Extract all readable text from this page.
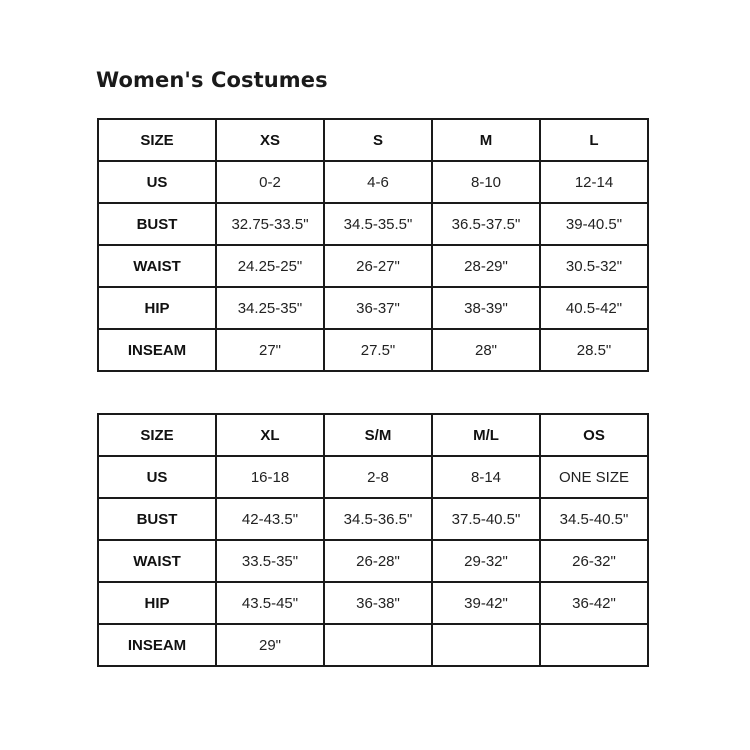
Women's Costumes
SIZE	XS	S	M	L
US	0-2	4-6	8-10	12-14
BUST	32.75-33.5"	34.5-35.5"	36.5-37.5"	39-40.5"
WAIST	24.25-25"	26-27"	28-29"	30.5-32"
HIP	34.25-35"	36-37"	38-39"	40.5-42"
INSEAM	27"	27.5"	28"	28.5"
SIZE	XL	S/M	M/L	OS
US	16-18	2-8	8-14	ONE SIZE
BUST	42-43.5"	34.5-36.5"	37.5-40.5"	34.5-40.5"
WAIST	33.5-35"	26-28"	29-32"	26-32"
HIP	43.5-45"	36-38"	39-42"	36-42"
INSEAM	29"			
